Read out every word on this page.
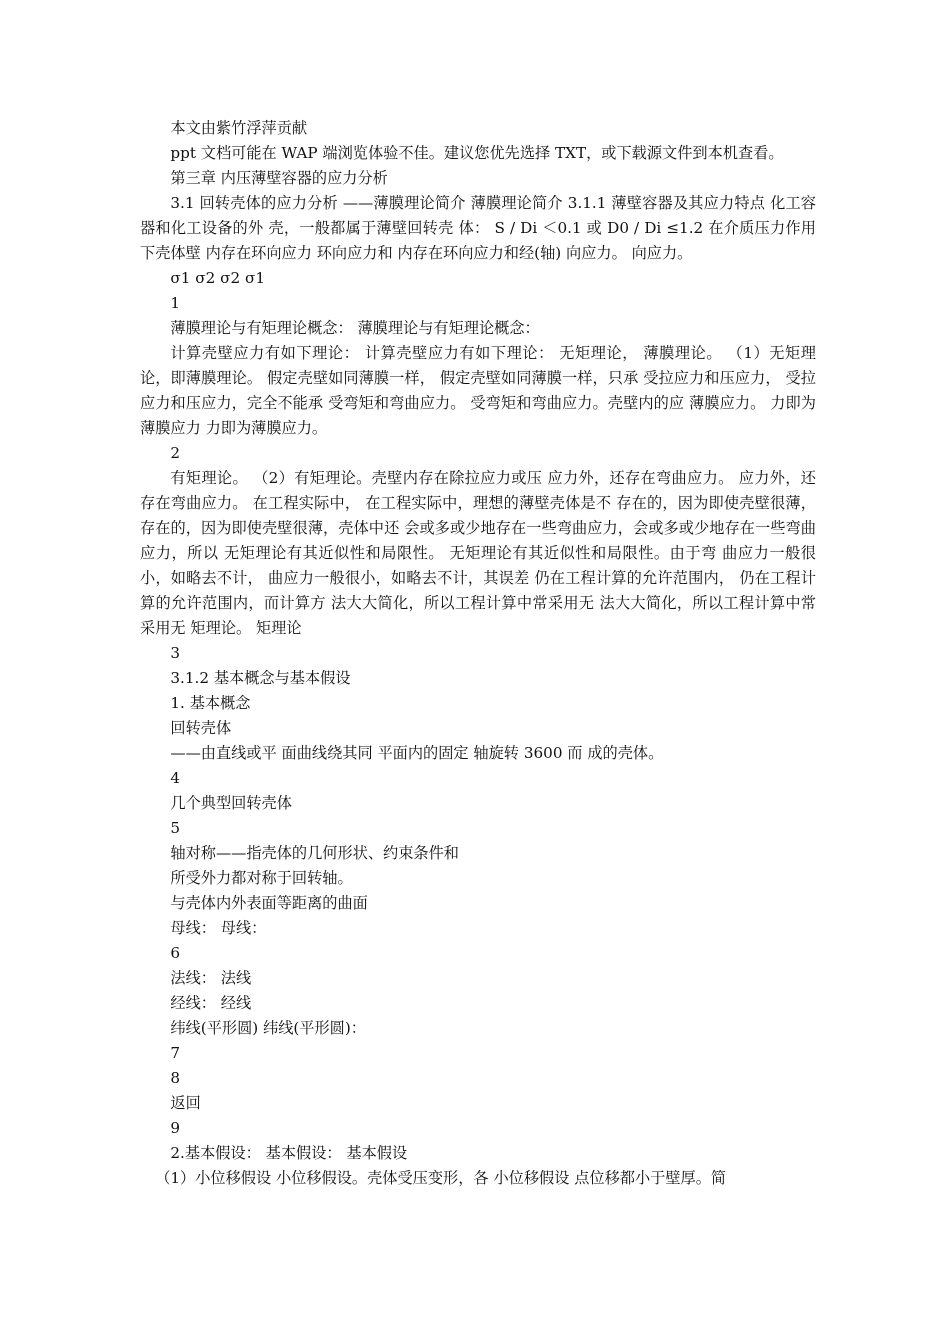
本文由紫竹浮萍贡献

ppt 文档可能在 WAP 端浏览体验不佳。建议您优先选择 TXT，或下载源文件到本机查看。

第三章 内压薄壁容器的应力分析

3.1 回转壳体的应力分析 ——薄膜理论简介 薄膜理论简介 3.1.1 薄壁容器及其应力特点 化工容器和化工设备的外 壳，一般都属于薄壁回转壳 体： S / Di ＜0.1 或 D0 / Di ≤1.2 在介质压力作用下壳体壁 内存在环向应力 环向应力和 内存在环向应力和经(轴) 向应力。 向应力。

σ1 σ2 σ2 σ1

1

薄膜理论与有矩理论概念： 薄膜理论与有矩理论概念：

计算壳壁应力有如下理论： 计算壳壁应力有如下理论： 无矩理论， 薄膜理论。 （1）无矩理论，即薄膜理论。 假定壳壁如同薄膜一样， 假定壳壁如同薄膜一样，只承 受拉应力和压应力， 受拉应力和压应力，完全不能承 受弯矩和弯曲应力。 受弯矩和弯曲应力。壳壁内的应 薄膜应力。 力即为薄膜应力 力即为薄膜应力。

2

有矩理论。 （2）有矩理论。壳壁内存在除拉应力或压 应力外，还存在弯曲应力。 应力外，还存在弯曲应力。 在工程实际中， 在工程实际中，理想的薄壁壳体是不 存在的，因为即使壳壁很薄， 存在的，因为即使壳壁很薄，壳体中还 会或多或少地存在一些弯曲应力，会或多或少地存在一些弯曲应力，所以 无矩理论有其近似性和局限性。 无矩理论有其近似性和局限性。由于弯 曲应力一般很小，如略去不计， 曲应力一般很小，如略去不计，其误差 仍在工程计算的允许范围内， 仍在工程计算的允许范围内，而计算方 法大大简化，所以工程计算中常采用无 法大大简化，所以工程计算中常采用无 矩理论。 矩理论

3

3.1.2 基本概念与基本假设

1. 基本概念

回转壳体

——由直线或平 面曲线绕其同 平面内的固定 轴旋转 3600 而 成的壳体。

4

几个典型回转壳体

5

轴对称——指壳体的几何形状、约束条件和

所受外力都对称于回转轴。

与壳体内外表面等距离的曲面

母线： 母线：

6

法线： 法线

经线： 经线

纬线(平形圆) 纬线(平形圆)：

7

8

返回

9

2.基本假设： 基本假设： 基本假设

（1）小位移假设 小位移假设。壳体受压变形，各 小位移假设 点位移都小于壁厚。简
